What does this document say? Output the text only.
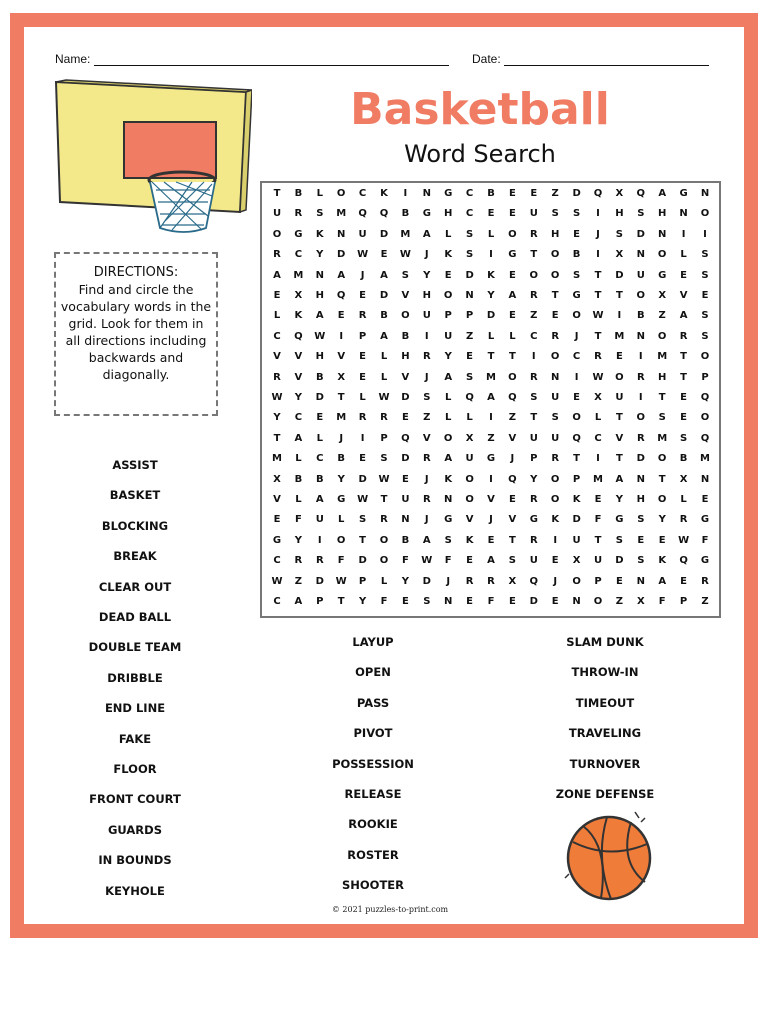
Name:	Date:
Basketball
Word Search
DIRECTIONS:
Find and circle the vocabulary words in the grid. Look for them in all directions including backwards and diagonally.
T	B	L	O	C	K	I	N	G	C	B	E	E	Z	D	Q	X	Q	A	G	N
U	R	S	M	Q	Q	B	G	H	C	E	E	U	S	S	I	H	S	H	N	O
O	G	K	N	U	D	M	A	L	S	L	O	R	H	E	J	S	D	N	I	I
R	C	Y	D	W	E	W	J	K	S	I	G	T	O	B	I	X	N	O	L	S
A	M	N	A	J	A	S	Y	E	D	K	E	O	O	S	T	D	U	G	E	S
E	X	H	Q	E	D	V	H	O	N	Y	A	R	T	G	T	T	O	X	V	E
L	K	A	E	R	B	O	U	P	P	D	E	Z	E	O	W	I	B	Z	A	S
C	Q	W	I	P	A	B	I	U	Z	L	L	C	R	J	T	M	N	O	R	S
V	V	H	V	E	L	H	R	Y	E	T	T	I	O	C	R	E	I	M	T	O
R	V	B	X	E	L	V	J	A	S	M	O	R	N	I	W	O	R	H	T	P
W	Y	D	T	L	W	D	S	L	Q	A	Q	S	U	E	X	U	I	T	E	Q
Y	C	E	M	R	R	E	Z	L	L	I	Z	T	S	O	L	T	O	S	E	O
T	A	L	J	I	P	Q	V	O	X	Z	V	U	U	Q	C	V	R	M	S	Q
M	L	C	B	E	S	D	R	A	U	G	J	P	R	T	I	T	D	O	B	M
X	B	B	Y	D	W	E	J	K	O	I	Q	Y	O	P	M	A	N	T	X	N
V	L	A	G	W	T	U	R	N	O	V	E	R	O	K	E	Y	H	O	L	E
E	F	U	L	S	R	N	J	G	V	J	V	G	K	D	F	G	S	Y	R	G
G	Y	I	O	T	O	B	A	S	K	E	T	R	I	U	T	S	E	E	W	F
C	R	R	F	D	O	F	W	F	E	A	S	U	E	X	U	D	S	K	Q	G
W	Z	D	W	P	L	Y	D	J	R	R	X	Q	J	O	P	E	N	A	E	R
C	A	P	T	Y	F	E	S	N	E	F	E	D	E	N	O	Z	X	F	P	Z
ASSIST
BASKET
BLOCKING
BREAK
CLEAR OUT
DEAD BALL
DOUBLE TEAM
DRIBBLE
END LINE
FAKE
FLOOR
FRONT COURT
GUARDS
IN BOUNDS
KEYHOLE
LAYUP
OPEN
PASS
PIVOT
POSSESSION
RELEASE
ROOKIE
ROSTER
SHOOTER
SLAM DUNK
THROW-IN
TIMEOUT
TRAVELING
TURNOVER
ZONE DEFENSE
© 2021 puzzles-to-print.com
